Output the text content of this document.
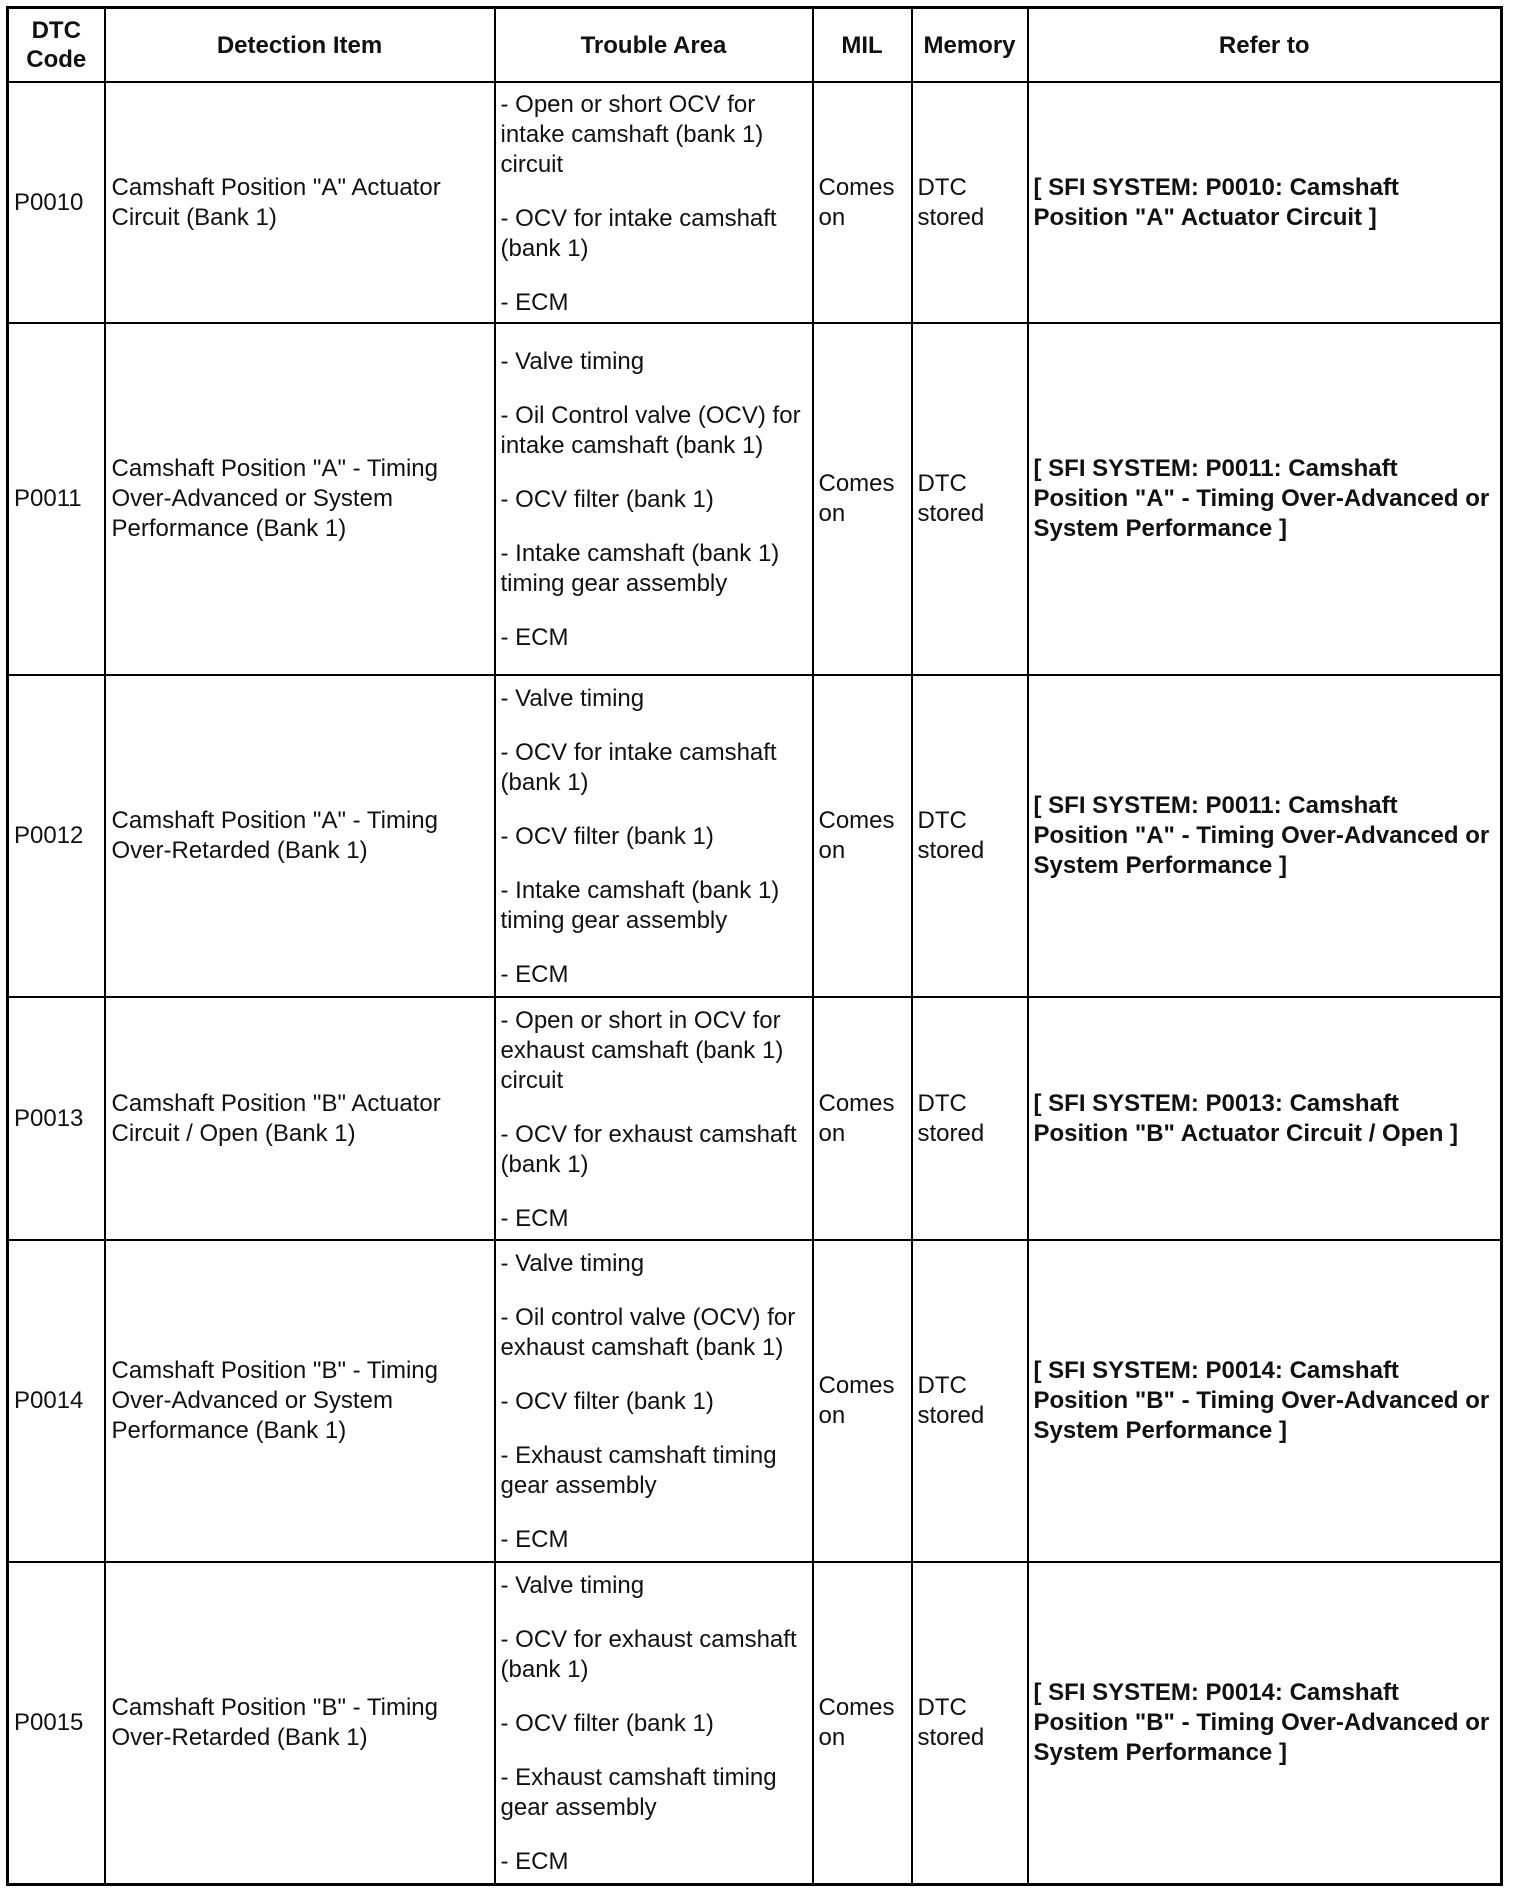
DTC Code	Detection Item	Trouble Area	MIL	Memory	Refer to
P0010	Camshaft Position "A" Actuator Circuit (Bank 1)	- Open or short OCV for intake camshaft (bank 1) circuit
- OCV for intake camshaft (bank 1)
- ECM	Comes on	DTC stored	[ SFI SYSTEM: P0010: Camshaft Position "A" Actuator Circuit ]
P0011	Camshaft Position "A" - Timing Over-Advanced or System Performance (Bank 1)	- Valve timing
- Oil Control valve (OCV) for intake camshaft (bank 1)
- OCV filter (bank 1)
- Intake camshaft (bank 1) timing gear assembly
- ECM	Comes on	DTC stored	[ SFI SYSTEM: P0011: Camshaft Position "A" - Timing Over-Advanced or System Performance ]
P0012	Camshaft Position "A" - Timing Over-Retarded (Bank 1)	- Valve timing
- OCV for intake camshaft (bank 1)
- OCV filter (bank 1)
- Intake camshaft (bank 1) timing gear assembly
- ECM	Comes on	DTC stored	[ SFI SYSTEM: P0011: Camshaft Position "A" - Timing Over-Advanced or System Performance ]
P0013	Camshaft Position "B" Actuator Circuit / Open (Bank 1)	- Open or short in OCV for exhaust camshaft (bank 1) circuit
- OCV for exhaust camshaft (bank 1)
- ECM	Comes on	DTC stored	[ SFI SYSTEM: P0013: Camshaft Position "B" Actuator Circuit / Open ]
P0014	Camshaft Position "B" - Timing Over-Advanced or System Performance (Bank 1)	- Valve timing
- Oil control valve (OCV) for exhaust camshaft (bank 1)
- OCV filter (bank 1)
- Exhaust camshaft timing gear assembly
- ECM	Comes on	DTC stored	[ SFI SYSTEM: P0014: Camshaft Position "B" - Timing Over-Advanced or System Performance ]
P0015	Camshaft Position "B" - Timing Over-Retarded (Bank 1)	- Valve timing
- OCV for exhaust camshaft (bank 1)
- OCV filter (bank 1)
- Exhaust camshaft timing gear assembly
- ECM	Comes on	DTC stored	[ SFI SYSTEM: P0014: Camshaft Position "B" - Timing Over-Advanced or System Performance ]
